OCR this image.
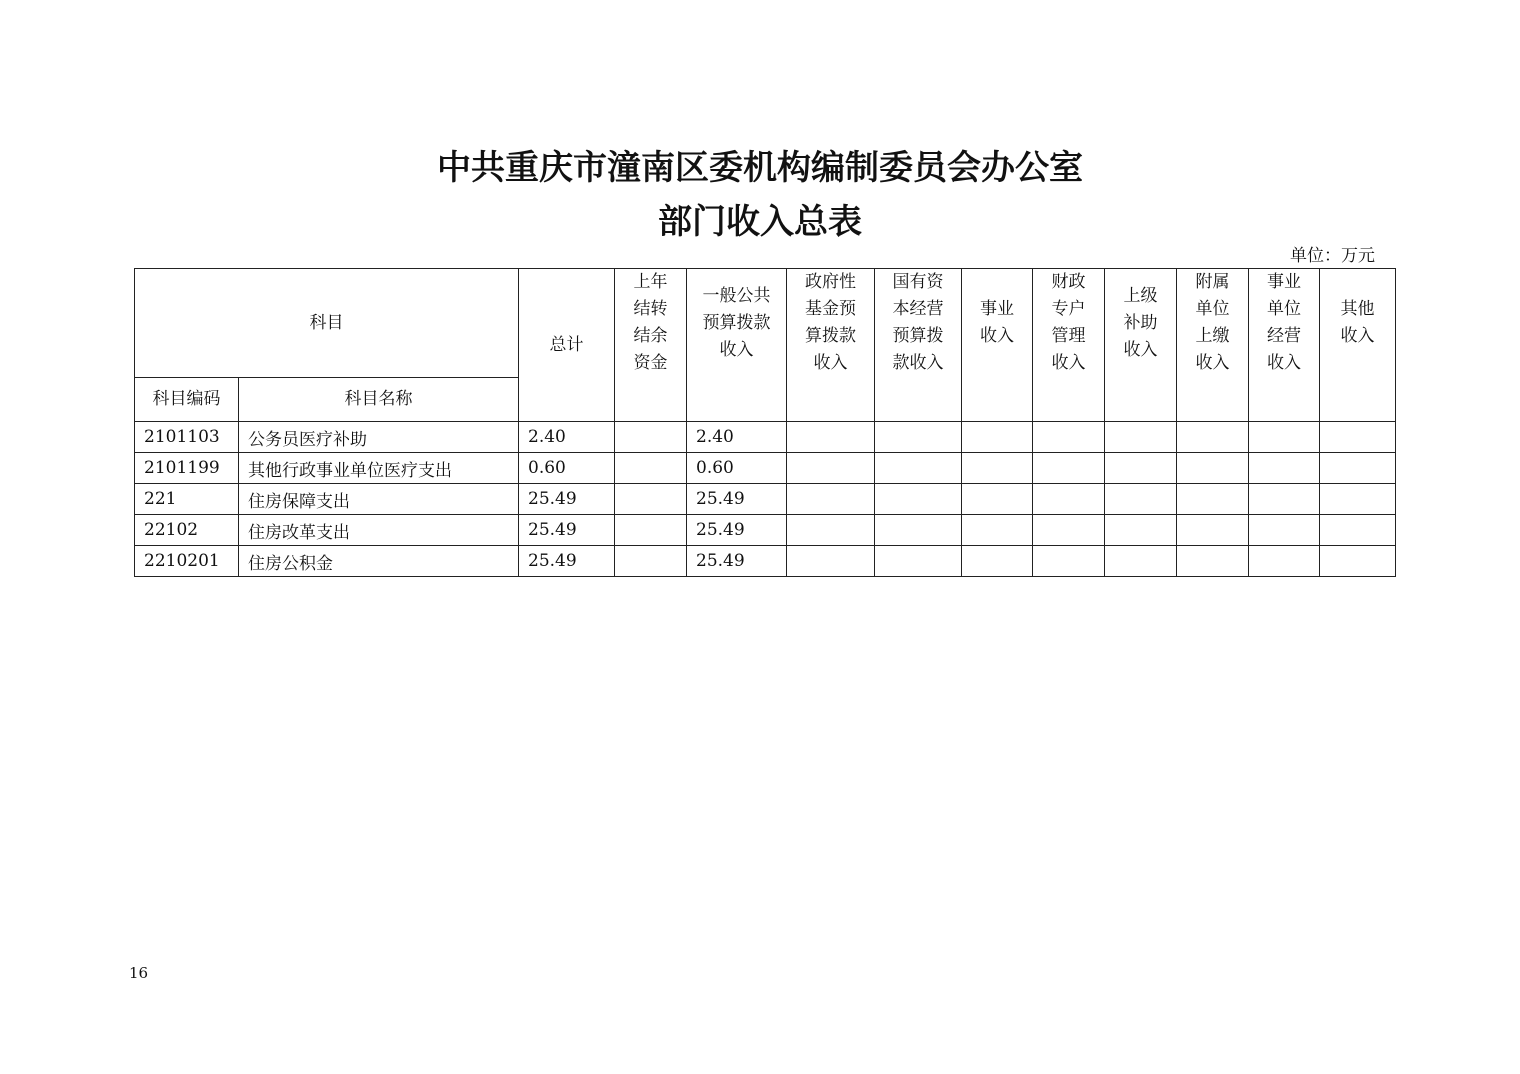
中共重庆市潼南区委机构编制委员会办公室
部门收入总表
单位：万元
科目		总计	上年
结转
结余
资金	一般公共
预算拨款
收入	政府性
基金预
算拨款
收入	国有资
本经营
预算拨
款收入	事业
收入	财政
专户
管理
收入	上级
补助
收入	附属
单位
上缴
收入	事业
单位
经营
收入	其他
收入
科目编码	科目名称											
2101103	公务员医疗补助	2.40		2.40								
2101199	其他行政事业单位医疗支出	0.60		0.60								
221	住房保障支出	25.49		25.49								
22102	住房改革支出	25.49		25.49								
2210201	住房公积金	25.49		25.49								
16
